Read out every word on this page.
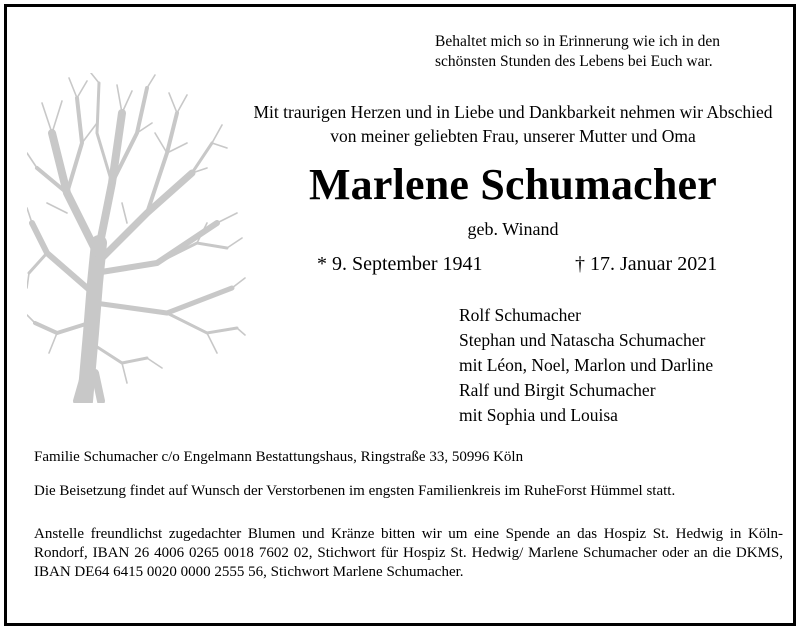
Behaltet mich so in Erinnerung wie ich in den schönsten Stunden des Lebens bei Euch war.
Mit traurigen Herzen und in Liebe und Dankbarkeit nehmen wir Abschied von meiner geliebten Frau, unserer Mutter und Oma
Marlene Schumacher
geb. Winand
* 9. September 1941	† 17. Januar 2021
Rolf Schumacher
Stephan und Natascha Schumacher
mit Léon, Noel, Marlon und Darline
Ralf und Birgit Schumacher
mit Sophia und Louisa
Familie Schumacher c/o Engelmann Bestattungshaus, Ringstraße 33, 50996 Köln
Die Beisetzung findet auf Wunsch der Verstorbenen im engsten Familienkreis im RuheForst Hümmel statt.
Anstelle freundlichst zugedachter Blumen und Kränze bitten wir um eine Spende an das Hospiz St. Hedwig in Köln-Rondorf, IBAN 26 4006 0265 0018 7602 02, Stichwort für Hospiz St. Hedwig/ Marlene Schumacher oder an die DKMS, IBAN DE64 6415 0020 0000 2555 56, Stichwort Marlene Schumacher.
